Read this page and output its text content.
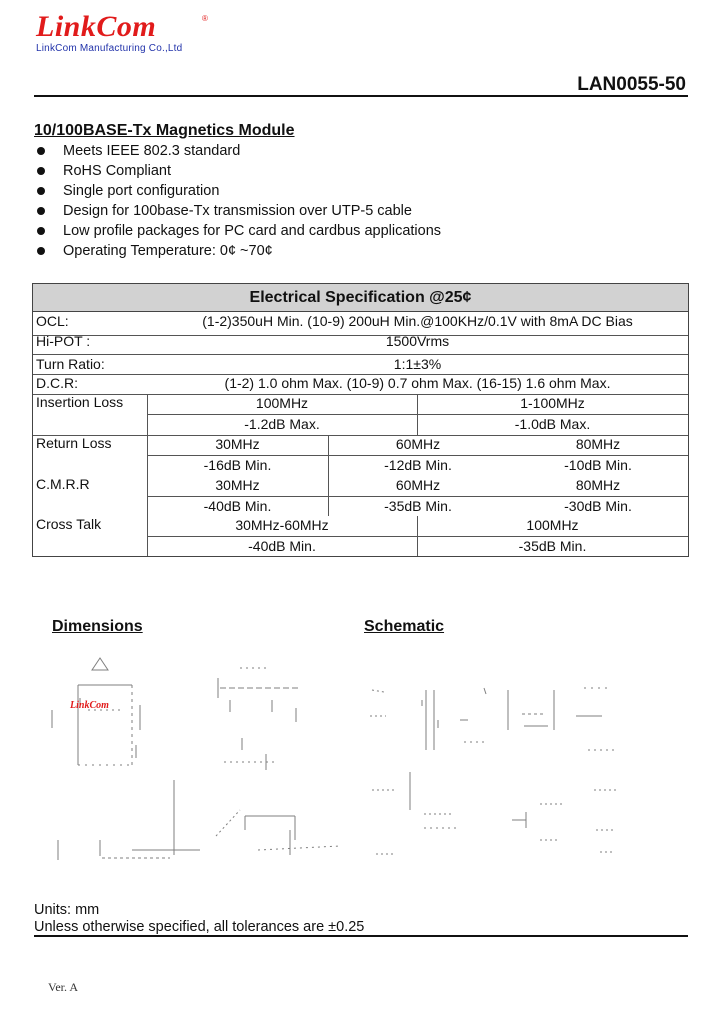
LinkCom	®
LinkCom Manufacturing Co.,Ltd
LAN0055-50
10/100BASE-Tx Magnetics Module
Meets IEEE 802.3 standard
RoHS Compliant
Single port configuration
Design for 100base-Tx transmission over UTP-5 cable
Low profile packages for PC card and cardbus applications
Operating Temperature: 0¢ ~70¢
Electrical Specification @25¢
OCL:	(1-2)350uH Min. (10-9) 200uH Min.@100KHz/0.1V with 8mA DC Bias
Hi-POT :	1500Vrms
Turn Ratio:	1:1±3%
D.C.R:	(1-2) 1.0 ohm Max. (10-9) 0.7 ohm Max. (16-15) 1.6 ohm Max.
Insertion Loss	100MHz	1-100MHz
-1.2dB Max.	-1.0dB Max.
Return Loss	30MHz	60MHz	80MHz
-16dB Min.	-12dB Min.	-10dB Min.
C.M.R.R	30MHz	60MHz	80MHz
-40dB Min.	-35dB Min.	-30dB Min.
Cross Talk	30MHz-60MHz	100MHz
-40dB Min.	-35dB Min.
Dimensions	Schematic
LinkCom
Units: mm
Unless otherwise specified, all tolerances are ±0.25
Ver. A
